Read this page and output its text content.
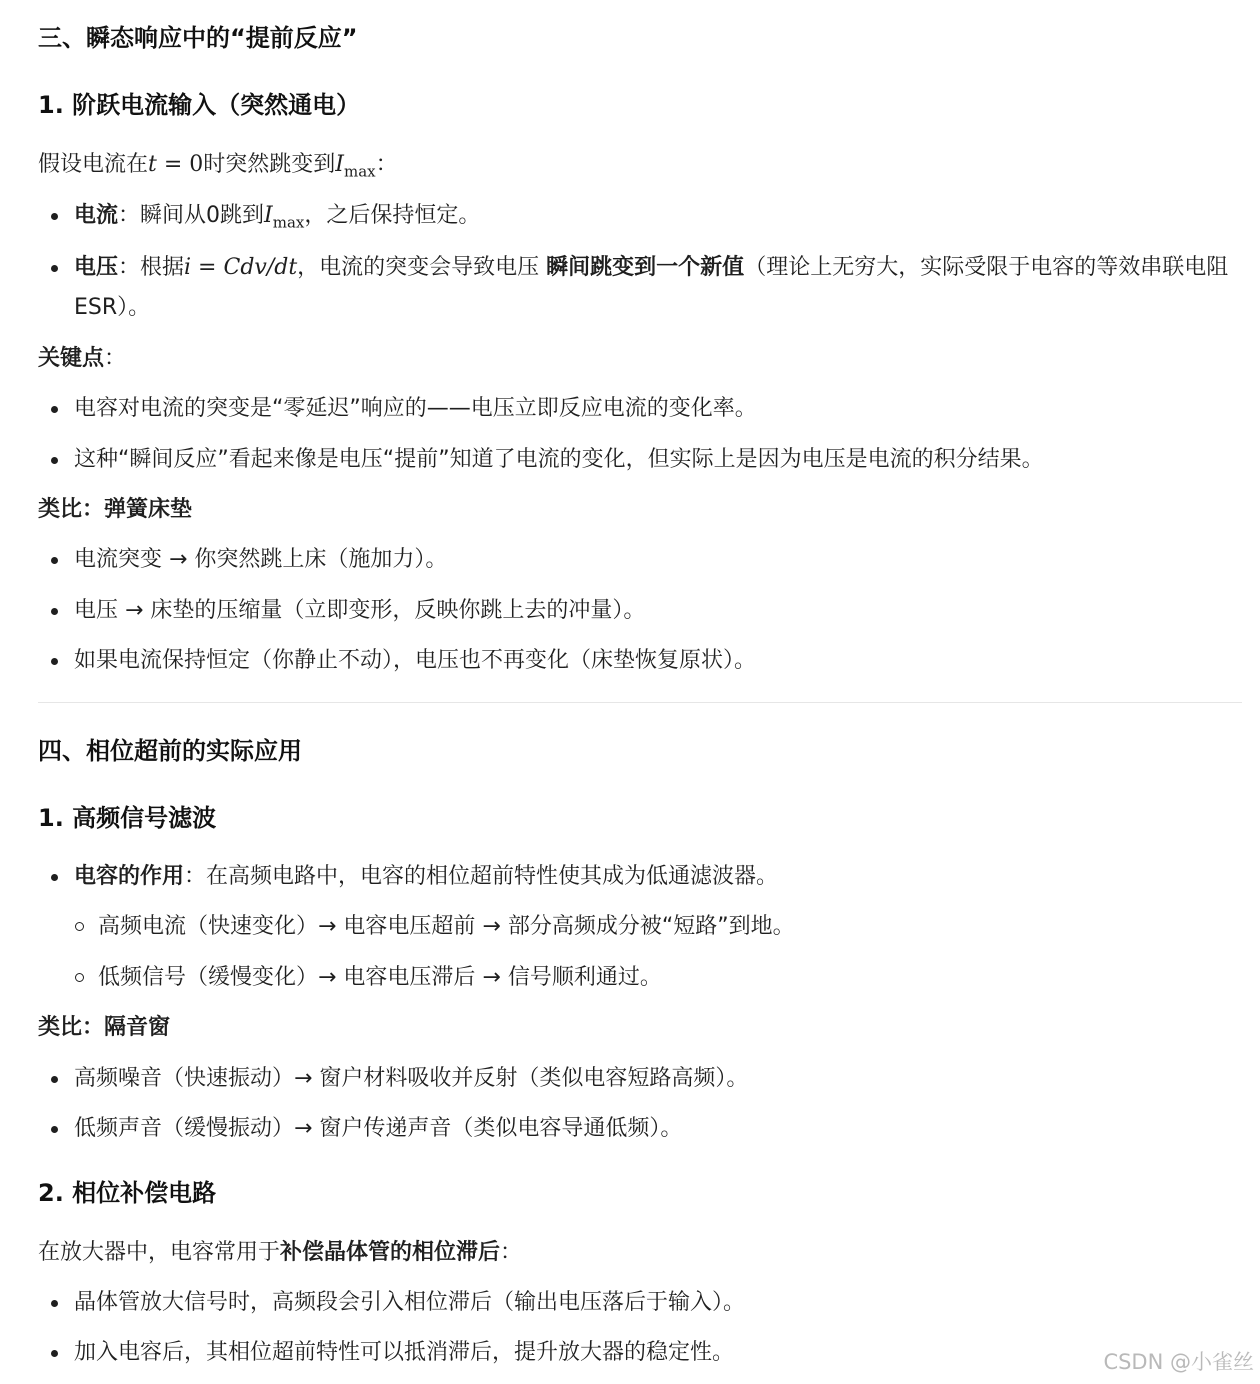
三、瞬态响应中的“提前反应”
1. 阶跃电流输入（突然通电）
假设电流在t = 0时突然跳变到$I_{max}$：
电流：瞬间从0跳到$I_{max}$，之后保持恒定。
电压：根据i = Cdv/dt，电流的突变会导致电压 瞬间跳变到一个新值（理论上无穷大，实际受限于电容的等效串联电阻ESR）。
关键点：
电容对电流的突变是“零延迟”响应的——电压立即反应电流的变化率。
这种“瞬间反应”看起来像是电压“提前”知道了电流的变化，但实际上是因为电压是电流的积分结果。
类比：弹簧床垫
电流突变 → 你突然跳上床（施加力）。
电压 → 床垫的压缩量（立即变形，反映你跳上去的冲量）。
如果电流保持恒定（你静止不动），电压也不再变化（床垫恢复原状）。
四、相位超前的实际应用
1. 高频信号滤波
电容的作用：在高频电路中，电容的相位超前特性使其成为低通滤波器。
高频电流（快速变化）→ 电容电压超前 → 部分高频成分被“短路”到地。
低频信号（缓慢变化）→ 电容电压滞后 → 信号顺利通过。
类比：隔音窗
高频噪音（快速振动）→ 窗户材料吸收并反射（类似电容短路高频）。
低频声音（缓慢振动）→ 窗户传递声音（类似电容导通低频）。
2. 相位补偿电路
在放大器中，电容常用于补偿晶体管的相位滞后：
晶体管放大信号时，高频段会引入相位滞后（输出电压落后于输入）。
加入电容后，其相位超前特性可以抵消滞后，提升放大器的稳定性。	CSDN @小雀丝
